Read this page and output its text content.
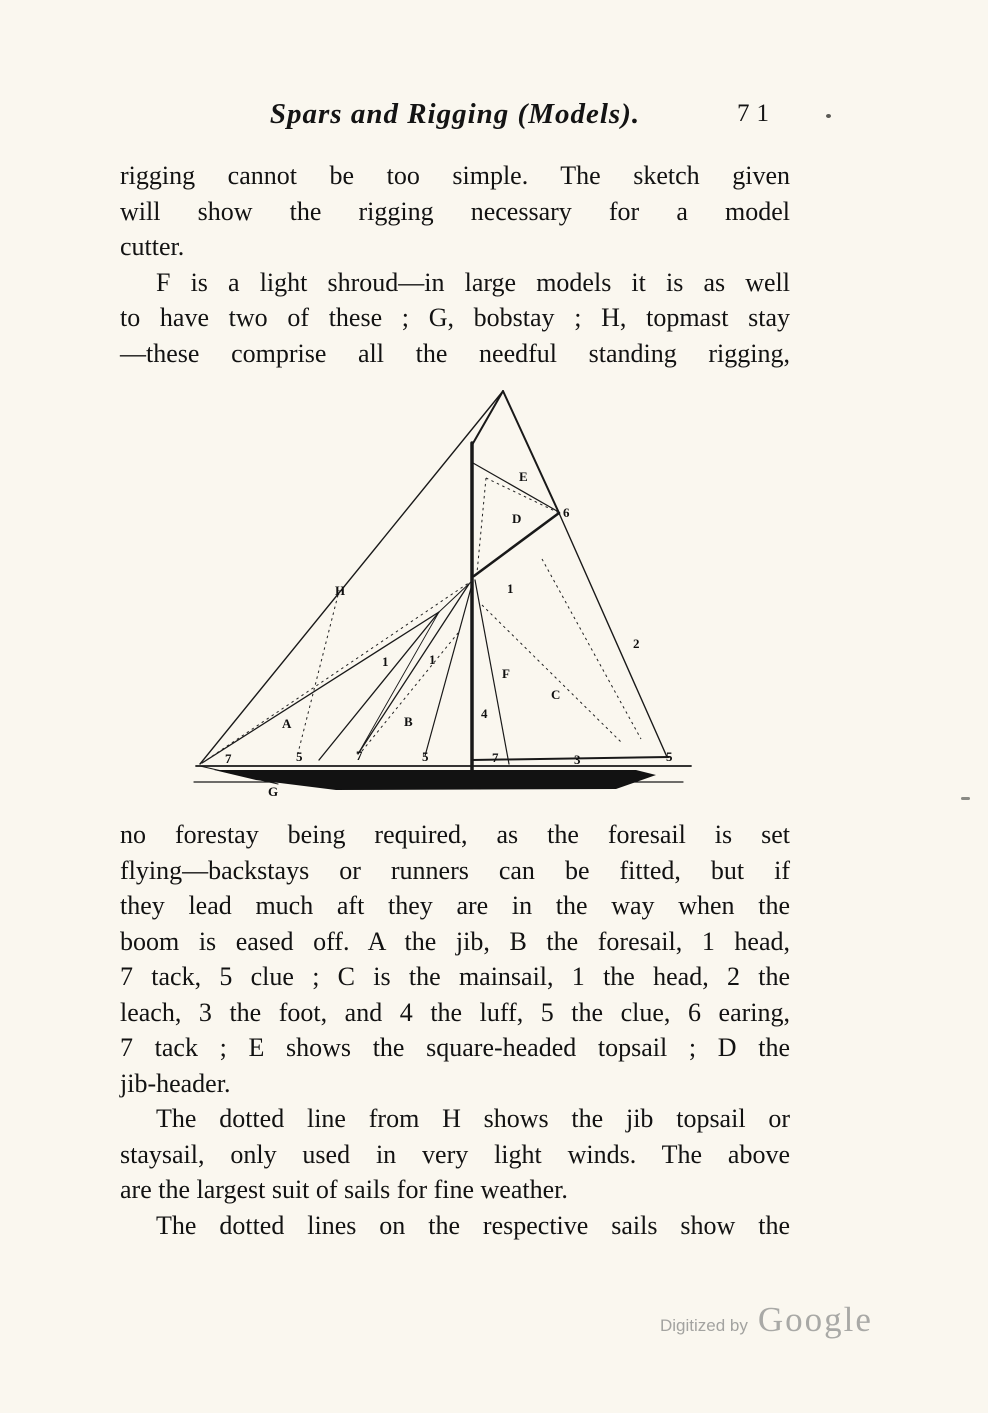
Spars and Rigging (Models).	71
rigging cannot be too simple. The sketch given
will show the rigging necessary for a model
cutter.
F is a light shroud—in large models it is as well
to have two of these ; G, bobstay ; H, topmast stay
—these comprise all the needful standing rigging,
E
D	6
H
2
1
1
1
F
C
A	B
4
7	5	7	5	7	3	5
G
no forestay being required, as the foresail is set
flying—backstays or runners can be fitted, but if
they lead much aft they are in the way when the
boom is eased off. A the jib, B the foresail, 1 head,
7 tack, 5 clue ; C is the mainsail, 1 the head, 2 the
leach, 3 the foot, and 4 the luff, 5 the clue, 6 earing,
7 tack ; E shows the square-headed topsail ; D the
jib-header.
The dotted line from H shows the jib topsail or
staysail, only used in very light winds. The above
are the largest suit of sails for fine weather.
The dotted lines on the respective sails show the
Digitized by Google
